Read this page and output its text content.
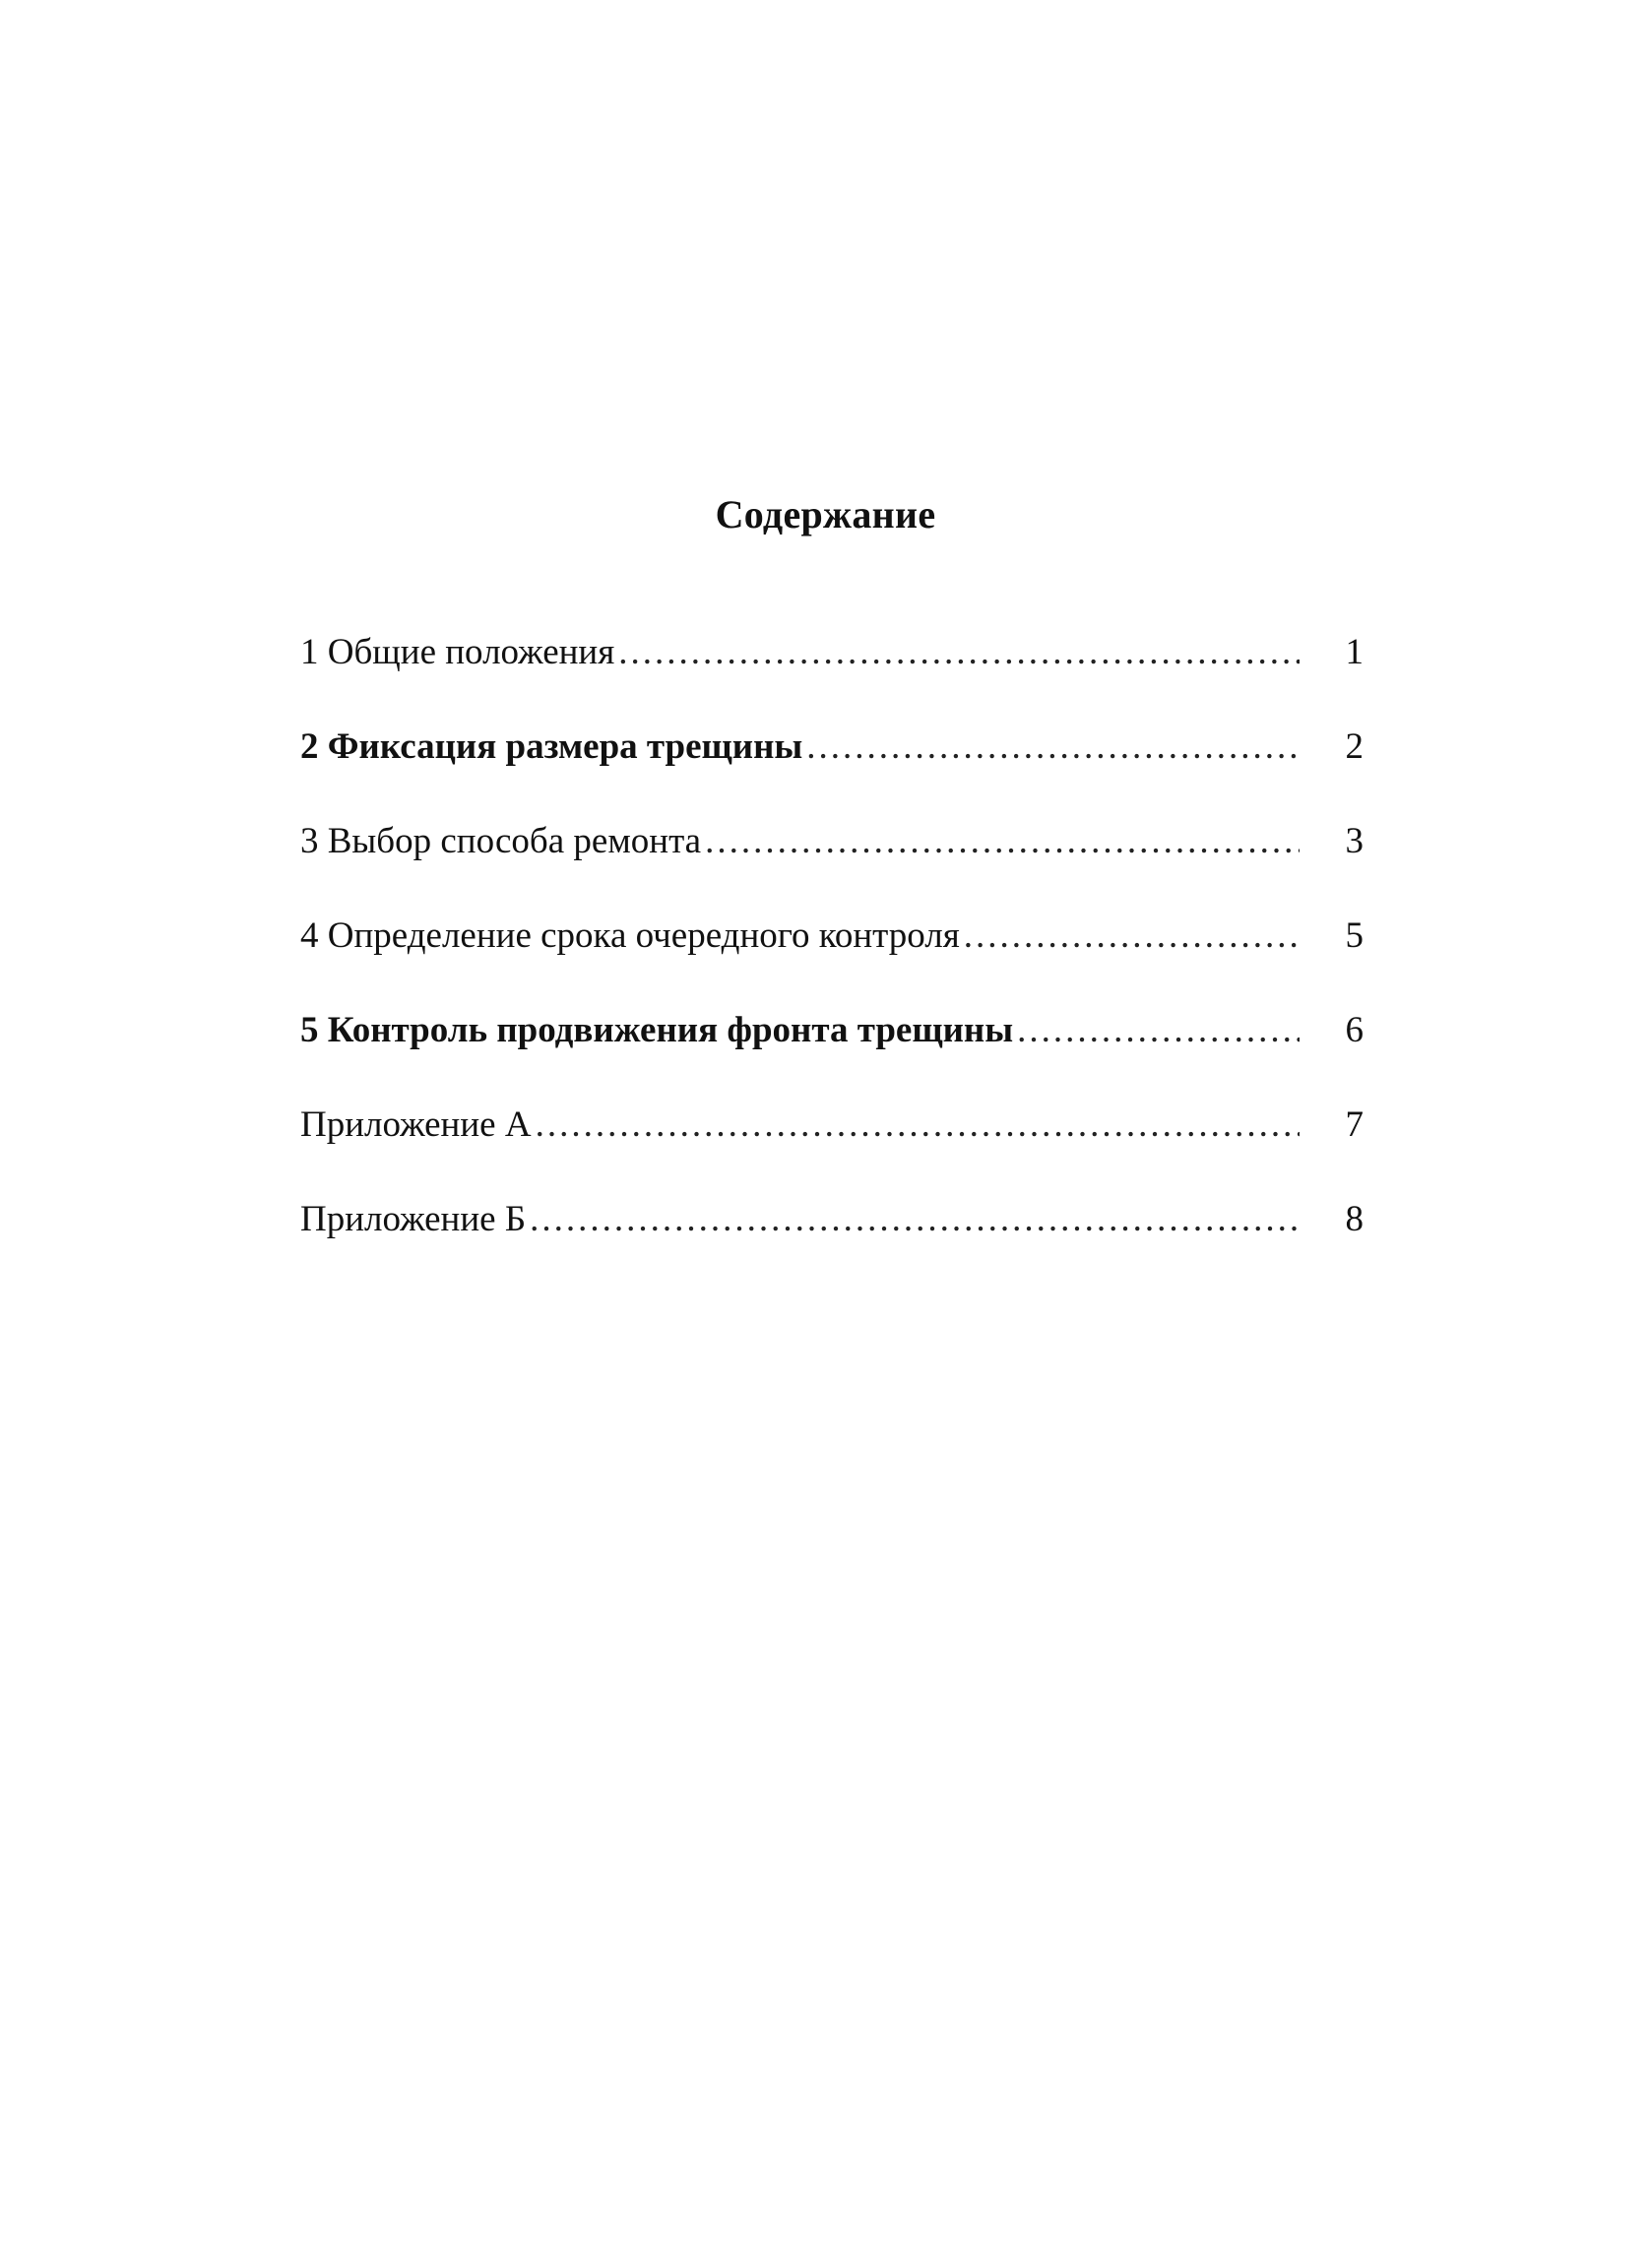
Содержание
1 Общие положения .....	1
2 Фиксация размера трещины .....	2
3 Выбор способа ремонта .....	3
4 Определение срока очередного контроля .....	5
5 Контроль продвижения фронта трещины .....	6
Приложение А .....	7
Приложение Б .....	8
